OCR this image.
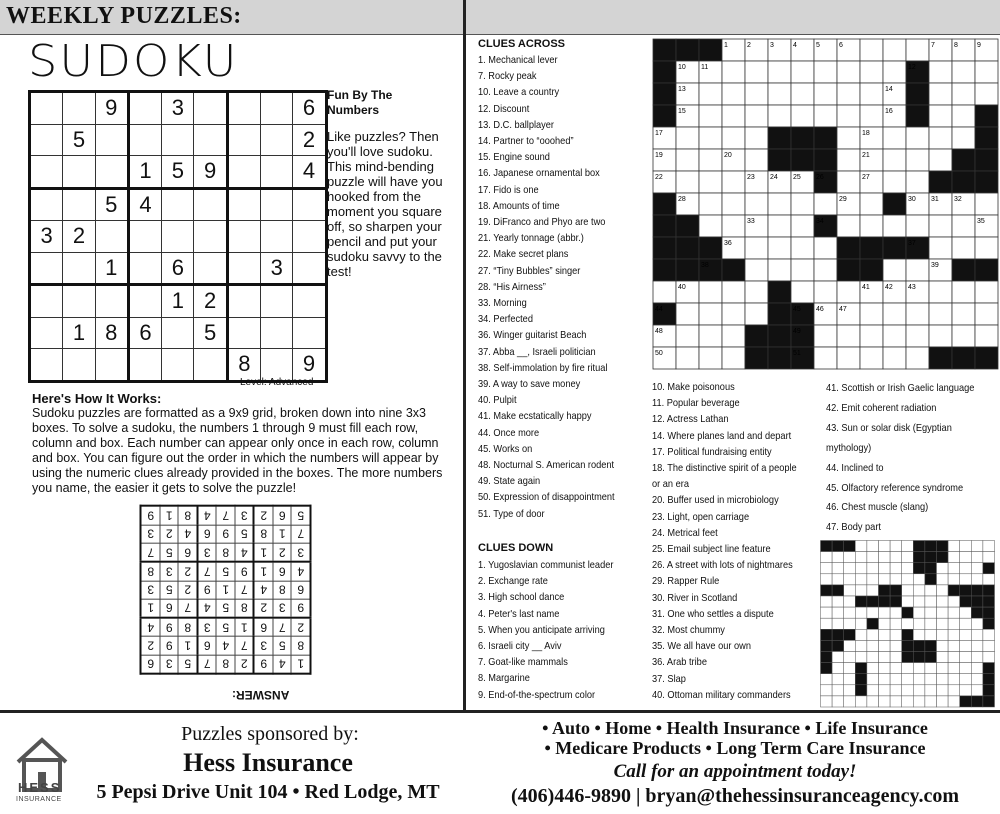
WEEKLY PUZZLES:
SUDOKU
		9		3				6
	5							2
			1	5	9			4
		5	4					
3	2							
		1		6			3	
				1	2			
	1	8	6		5			
						8		9
Level: Advanced
Fun By The Numbers
Like puzzles? Then you'll love sudoku. This mind-bending puzzle will have you hooked from the moment you square off, so sharpen your pencil and put your sudoku savvy to the test!
Here's How It Works:
Sudoku puzzles are formatted as a 9x9 grid, broken down into nine 3x3 boxes. To solve a sudoku, the numbers 1 through 9 must fill each row, column and box. Each number can appear only once in each row, column and box. You can figure out the order in which the numbers will appear by using the numeric clues already provided in the boxes. The more numbers you name, the easier it gets to solve the puzzle!
1	4	9	2	8	7	5	3	6
8	5	3	7	4	6	1	9	2
2	7	6	1	5	3	8	9	4
9	3	2	8	5	4	7	6	1
6	8	4	7	1	9	2	5	3
4	6	1	9	5	7	2	3	8
3	2	1	4	8	3	6	5	7
7	1	8	5	9	6	4	2	3
5	6	2	3	7	4	8	1	9
ANSWER:
CLUES ACROSS
1. Mechanical lever
7. Rocky peak
10. Leave a country
12. Discount
13. D.C. ballplayer
14. Partner to “ooohed”
15. Engine sound
16. Japanese ornamental box
17. Fido is one
18. Amounts of time
19. DiFranco and Phyo are two
21. Yearly tonnage (abbr.)
22. Make secret plans
27. “Tiny Bubbles” singer
28. “His Airness”
33. Morning
34. Perfected
36. Winger guitarist Beach
37. Abba __, Israeli politician
38. Self-immolation by fire ritual
39. A way to save money
40. Pulpit
41. Make ecstatically happy
44. Once more
45. Works on
48. Nocturnal S. American rodent
49. State again
50. Expression of disappointment
51. Type of door
CLUES DOWN
1. Yugoslavian communist leader
2. Exchange rate
3. High school dance
4. Peter's last name
5. When you anticipate arriving
6. Israeli city __ Aviv
7. Goat-like mammals
8. Margarine
9. End-of-the-spectrum color
10. Make poisonous
11. Popular beverage
12. Actress Lathan
14. Where planes land and depart
17. Political fundraising entity
18. The distinctive spirit of a people
or an era
20. Buffer used in microbiology
23. Light, open carriage
24. Metrical feet
25. Email subject line feature
26. A street with lots of nightmares
29. Rapper Rule
30. River in Scotland
31. One who settles a dispute
32. Most chummy
35. We all have our own
36. Arab tribe
37. Slap
40. Ottoman military commanders
41. Scottish or Irish Gaelic language
42. Emit coherent radiation
43. Sun or solar disk (Egyptian
mythology)
44. Inclined to
45. Olfactory reference syndrome
46. Chest muscle (slang)
47. Body part
1	2	3	4	5	6	7	8	9
10 11	12
13	14
15	16
17	18
19	20	21
22	23 24 25 26	27
28	29	30 31 32
33	34	35
36	37
38	39
40	41 42 43
44	45 46 47
48	49
50	51
HESS
INSURANCE
Puzzles sponsored by:
Hess Insurance
5 Pepsi Drive Unit 104 • Red Lodge, MT
• Auto • Home • Health Insurance • Life Insurance
• Medicare Products • Long Term Care Insurance
Call for an appointment today!
(406)446-9890 | bryan@thehessinsuranceagency.com
